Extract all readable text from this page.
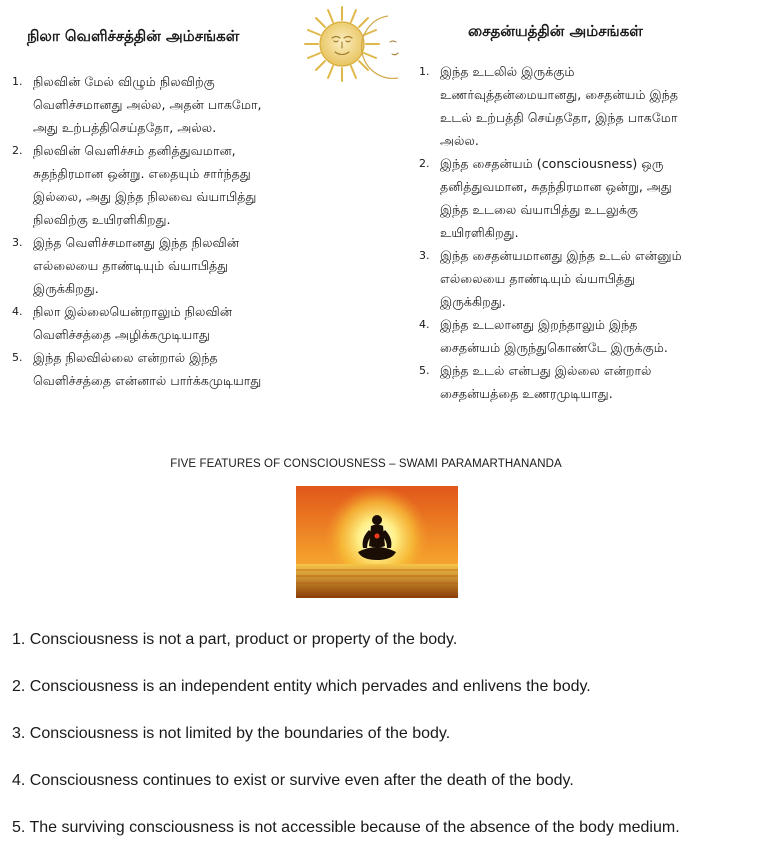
நிலா வெளிச்சத்தின் அம்சங்கள்
1. நிலவின் மேல் விழும் நிலவிற்கு
வெளிச்சமானது அல்ல, அதன் பாகமோ,
அது உற்பத்திசெய்ததோ, அல்ல.
2. நிலவின் வெளிச்சம் தனித்துவமான,
சுதந்திரமான ஒன்று. எதையும் சார்ந்தது
இல்லை, அது இந்த நிலவை வ்யாபித்து
நிலவிற்கு உயிரளிகிறது.
3. இந்த வெளிச்சமானது இந்த நிலவின்
எல்லையை தாண்டியும் வ்யாபித்து
இருக்கிறது.
4. நிலா இல்லையென்றாலும் நிலவின்
வெளிச்சத்தை அழிக்கமுடியாது
5. இந்த நிலவில்லை என்றால் இந்த
வெளிச்சத்தை என்னால் பார்க்கமுடியாது
சைதன்யத்தின் அம்சங்கள்
1. இந்த உடலில் இருக்கும்
உணர்வுத்தன்மையானது, சைதன்யம் இந்த
உடல் உற்பத்தி செய்ததோ, இந்த பாகமோ
அல்ல.
2. இந்த சைதன்யம் (consciousness) ஒரு
தனித்துவமான, சுதந்திரமான ஒன்று, அது
இந்த உடலை வ்யாபித்து உடலுக்கு
உயிரளிகிறது.
3. இந்த சைதன்யமானது இந்த உடல் என்னும்
எல்லையை தாண்டியும் வ்யாபித்து
இருக்கிறது.
4. இந்த உடலானது இறந்தாலும் இந்த
சைதன்யம் இருந்துகொண்டே இருக்கும்.
5. இந்த உடல் என்பது இல்லை என்றால்
சைதன்யத்தை உணரமுடியாது.
FIVE FEATURES OF CONSCIOUSNESS – SWAMI PARAMARTHANANDA

1. Consciousness is not a part, product or property of the body.

2. Consciousness is an independent entity which pervades and enlivens the body.

3. Consciousness is not limited by the boundaries of the body.

4. Consciousness continues to exist or survive even after the death of the body.

5. The surviving consciousness is not accessible because of the absence of the body medium.
